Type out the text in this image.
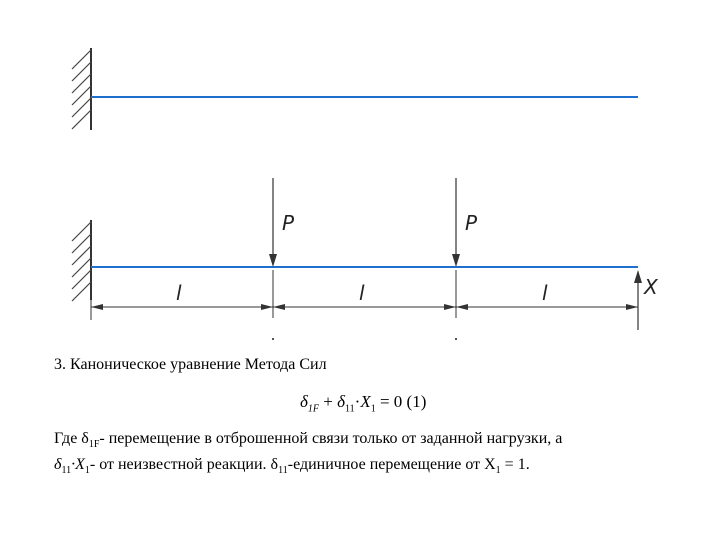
P	P
X
l	l	l
3. Каноническое уравнение Метода Сил
$\delta_{1F} + \delta_{11}\cdot X_1 = 0$ (1)
Где $\delta_{1F}-$ перемещение в отброшенной связи только от заданной нагрузки, а
$\delta_{11}\cdot X_1-$ от неизвестной реакции. $\delta_{11}$-единичное перемещение от $X_1 = 1$.
